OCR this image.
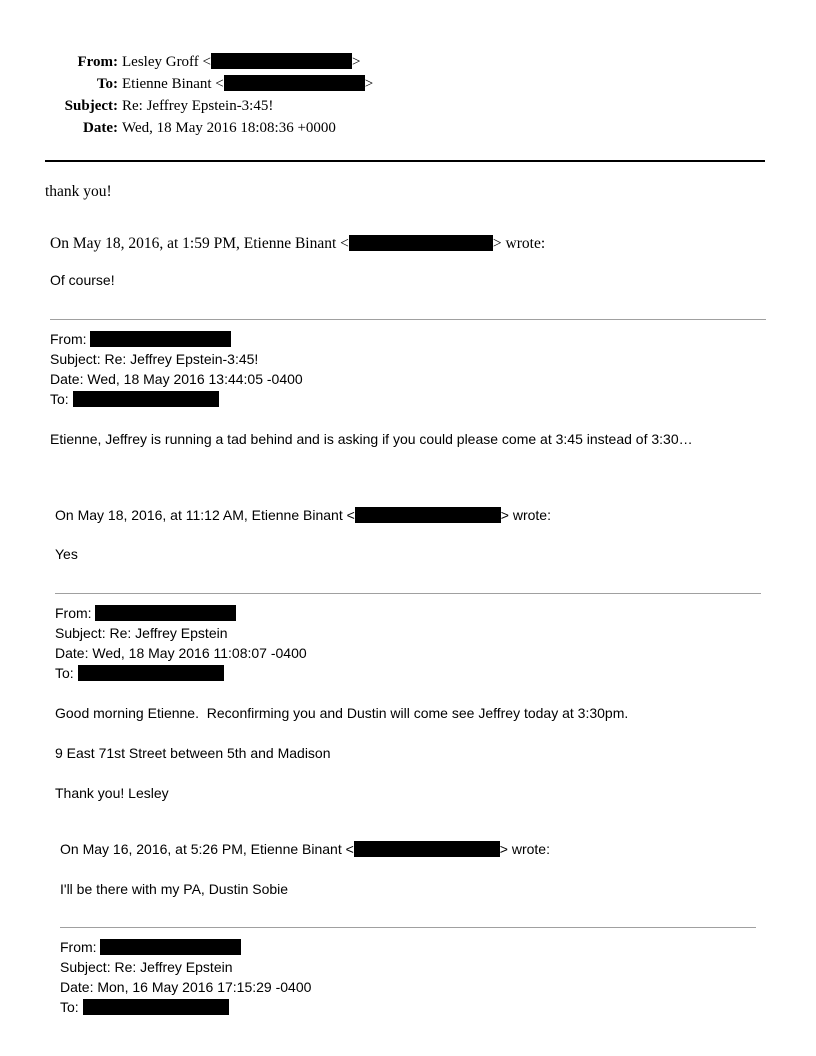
From: Lesley Groff <	>
To: Etienne Binant <	>
Subject: Re: Jeffrey Epstein-3:45!
Date: Wed, 18 May 2016 18:08:36 +0000
thank you!
On May 18, 2016, at 1:59 PM, Etienne Binant <	> wrote:
Of course!
From:
Subject: Re: Jeffrey Epstein-3:45!
Date: Wed, 18 May 2016 13:44:05 -0400
To:
Etienne, Jeffrey is running a tad behind and is asking if you could please come at 3:45 instead of 3:30…
On May 18, 2016, at 11:12 AM, Etienne Binant <	> wrote:
Yes
From:
Subject: Re: Jeffrey Epstein
Date: Wed, 18 May 2016 11:08:07 -0400
To:
Good morning Etienne.  Reconfirming you and Dustin will come see Jeffrey today at 3:30pm.
9 East 71st Street between 5th and Madison
Thank you! Lesley
On May 16, 2016, at 5:26 PM, Etienne Binant <	> wrote:
I'll be there with my PA, Dustin Sobie
From:
Subject: Re: Jeffrey Epstein
Date: Mon, 16 May 2016 17:15:29 -0400
To:
